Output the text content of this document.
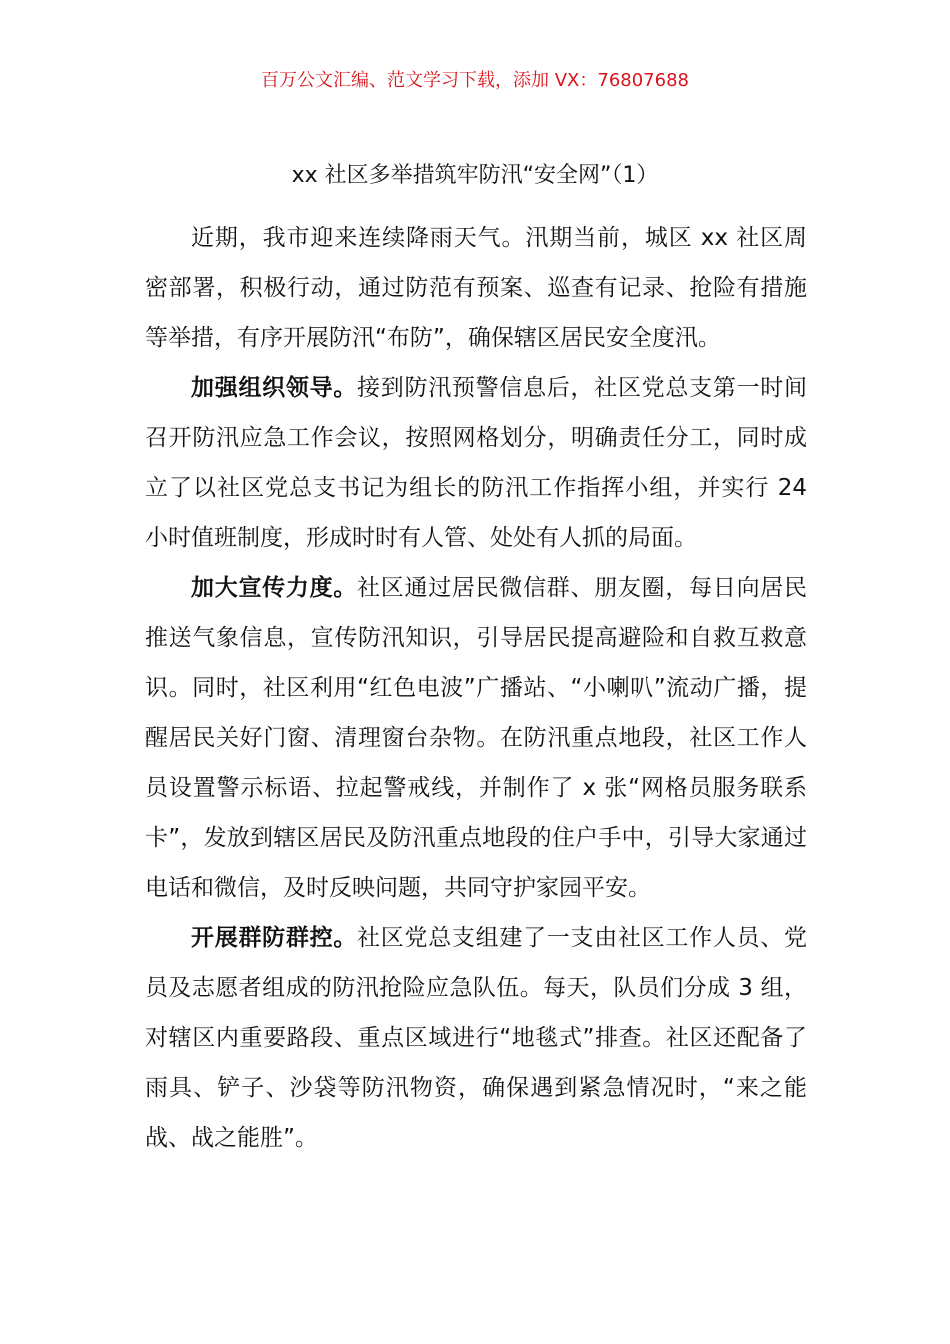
百万公文汇编、范文学习下载，添加 VX：76807688
xx 社区多举措筑牢防汛“安全网”（1）

近期，我市迎来连续降雨天气。汛期当前，城区 xx 社区周密部署，积极行动，通过防范有预案、巡查有记录、抢险有措施等举措，有序开展防汛“布防”，确保辖区居民安全度汛。

加强组织领导。接到防汛预警信息后，社区党总支第一时间召开防汛应急工作会议，按照网格划分，明确责任分工，同时成立了以社区党总支书记为组长的防汛工作指挥小组，并实行 24 小时值班制度，形成时时有人管、处处有人抓的局面。

加大宣传力度。社区通过居民微信群、朋友圈，每日向居民推送气象信息，宣传防汛知识，引导居民提高避险和自救互救意识。同时，社区利用“红色电波”广播站、“小喇叭”流动广播，提醒居民关好门窗、清理窗台杂物。在防汛重点地段，社区工作人员设置警示标语、拉起警戒线，并制作了 x 张“网格员服务联系卡”，发放到辖区居民及防汛重点地段的住户手中，引导大家通过电话和微信，及时反映问题，共同守护家园平安。

开展群防群控。社区党总支组建了一支由社区工作人员、党员及志愿者组成的防汛抢险应急队伍。每天，队员们分成 3 组，对辖区内重要路段、重点区域进行“地毯式”排查。社区还配备了雨具、铲子、沙袋等防汛物资，确保遇到紧急情况时，“来之能战、战之能胜”。
